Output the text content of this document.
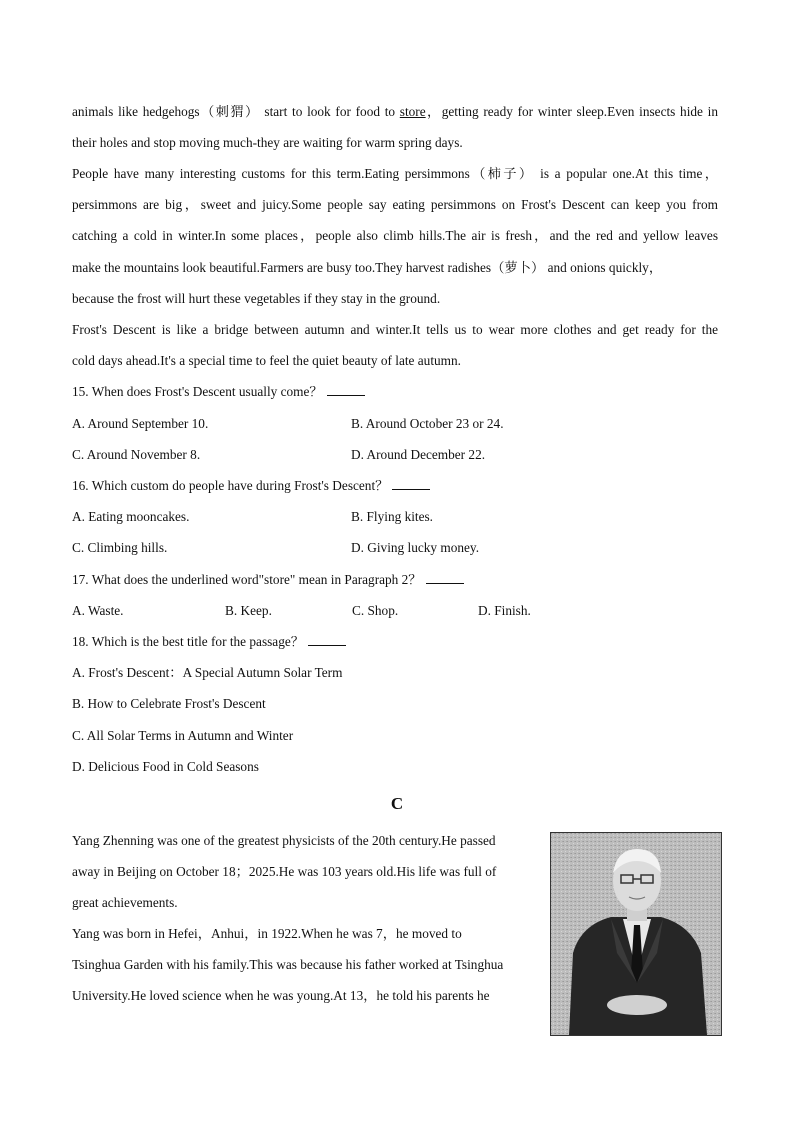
animals like hedgehogs（刺猬） start to look for food to store，getting ready for winter sleep.Even insects hide in
their holes and stop moving much-they are waiting for warm spring days.
People have many interesting customs for this term.Eating persimmons（柿子） is a popular one.At this time，
persimmons are big，sweet and juicy.Some people say eating persimmons on Frost's Descent can keep you from
catching a cold in winter.In some places，people also climb hills.The air is fresh，and the red and yellow leaves
make the mountains look beautiful.Farmers are busy too.They harvest radishes（萝卜） and onions quickly，
because the frost will hurt these vegetables if they stay in the ground.
Frost's Descent is like a bridge between autumn and winter.It tells us to wear more clothes and get ready for the
cold days ahead.It's a special time to feel the quiet beauty of late autumn.
15. When does Frost's Descent usually come？
A. Around September 10.	B. Around October 23 or 24.
C. Around November 8.	D. Around December 22.
16. Which custom do people have during Frost's Descent？
A. Eating mooncakes.	B. Flying kites.
C. Climbing hills.	D. Giving lucky money.
17. What does the underlined word"store" mean in Paragraph 2？
A. Waste.	B. Keep.	C. Shop.	D. Finish.
18. Which is the best title for the passage？
A. Frost's Descent：A Special Autumn Solar Term
B. How to Celebrate Frost's Descent
C. All Solar Terms in Autumn and Winter
D. Delicious Food in Cold Seasons
C
Yang Zhenning was one of the greatest physicists of the 20th century.He passed
away in Beijing on October 18；2025.He was 103 years old.His life was full of
great achievements.
Yang was born in Hefei，Anhui，in 1922.When he was 7，he moved to
Tsinghua Garden with his family.This was because his father worked at Tsinghua
University.He loved science when he was young.At 13，he told his parents he
